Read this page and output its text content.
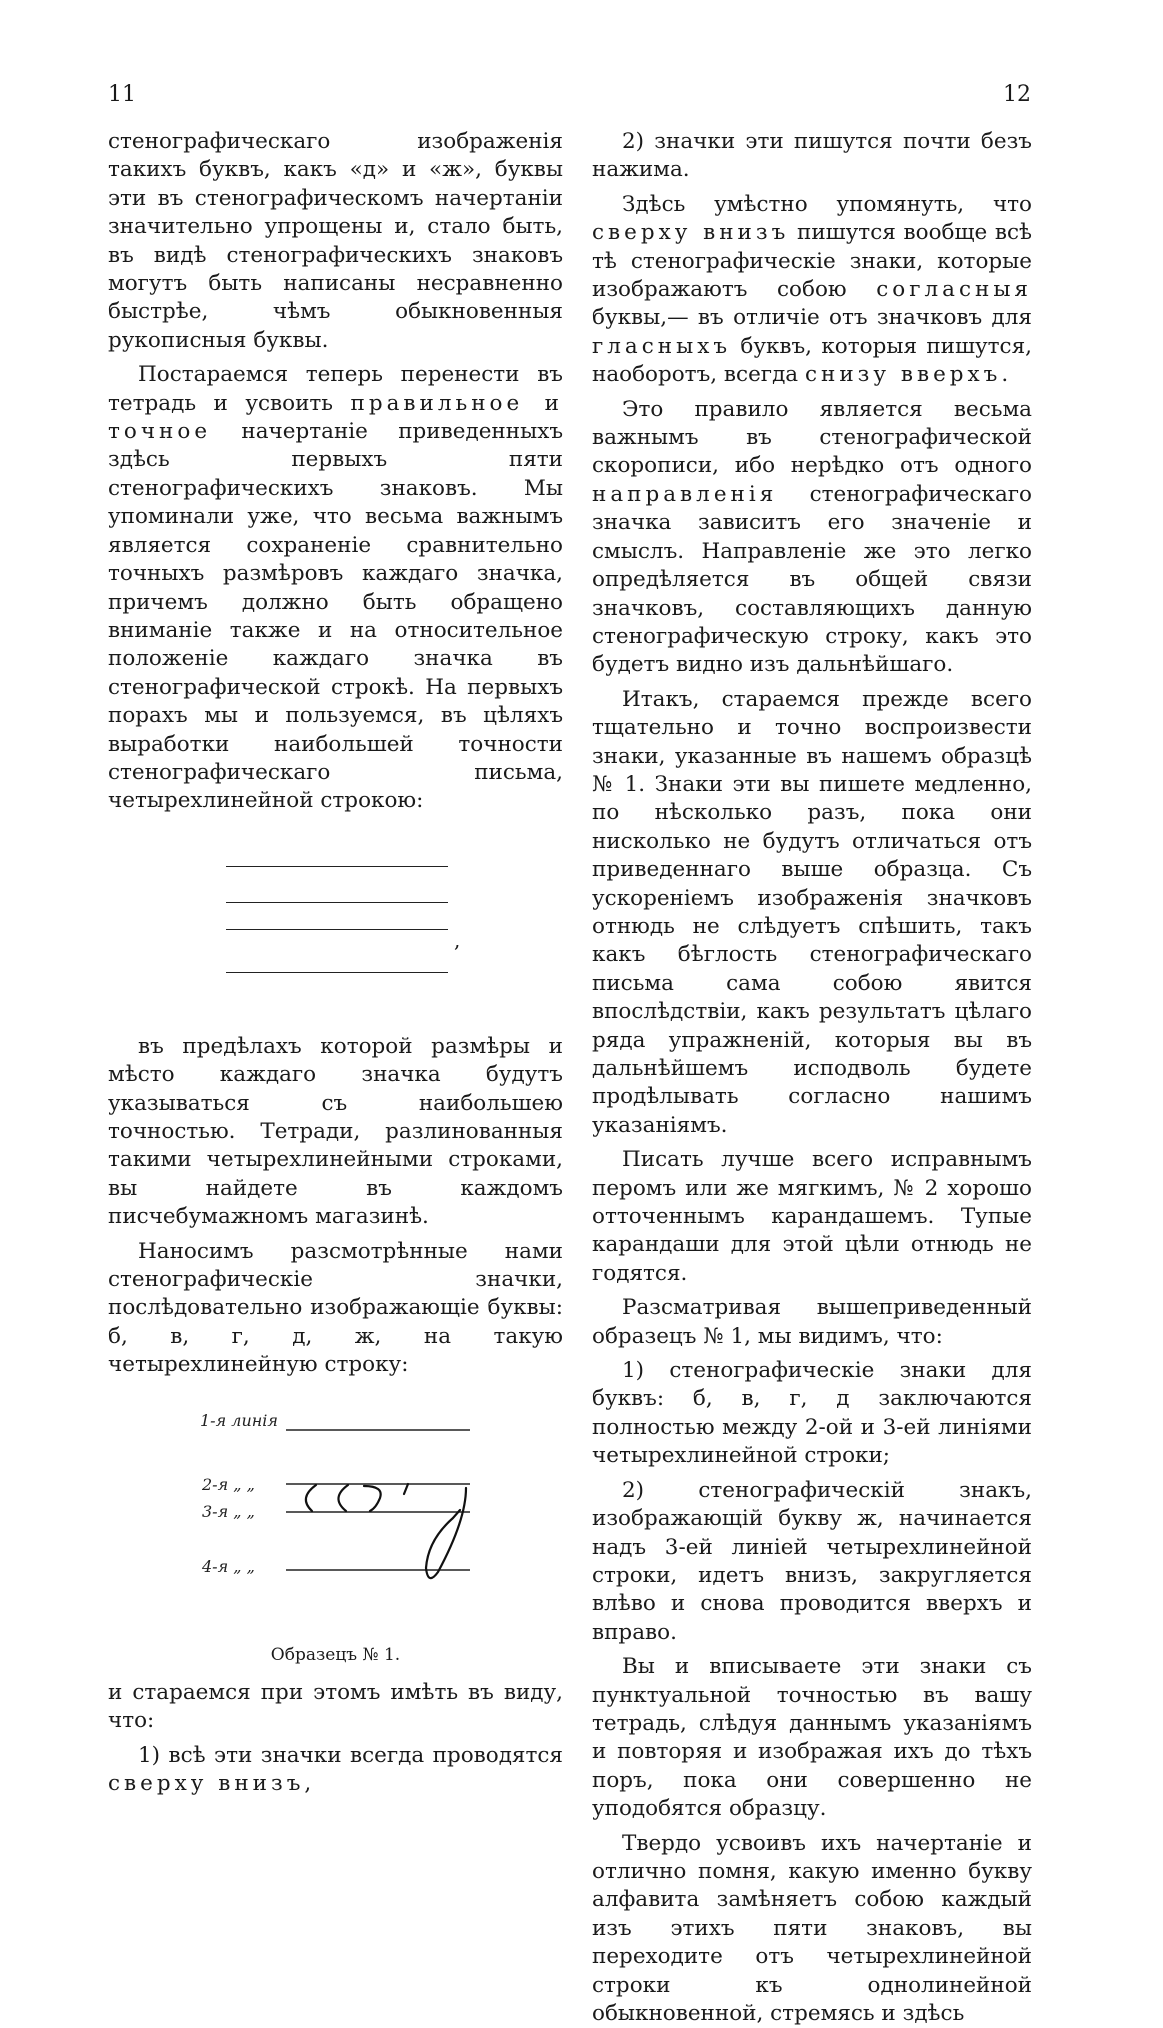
11	12

стенографическаго изображенія такихъ буквъ, какъ «д» и «ж», буквы эти въ стенографическомъ начертаніи значительно упрощены и, стало быть, въ видѣ стенографическихъ знаковъ могутъ быть написаны несравненно быстрѣе, чѣмъ обыкновенныя рукописныя буквы.

Постараемся теперь перенести въ тетрадь и усвоить правильное и точное начертаніе приведенныхъ здѣсь первыхъ пяти стенографическихъ знаковъ. Мы упоминали уже, что весьма важнымъ является сохраненіе сравнительно точныхъ размѣровъ каждаго значка, причемъ должно быть обращено вниманіе также и на относительное положеніе каждаго значка въ стенографической строкѣ. На первыхъ порахъ мы и пользуемся, въ цѣляхъ выработки наибольшей точности стенографическаго письма, четырехлинейной строкою:

,

въ предѣлахъ которой размѣры и мѣсто каждаго значка будутъ указываться съ наибольшею точностью. Тетради, разлинованныя такими четырехлинейными строками, вы найдете въ каждомъ писчебумажномъ магазинѣ.

Наносимъ разсмотрѣнные нами стенографическіе значки, послѣдовательно изображающіе буквы: б, в, г, д, ж, на такую четырехлинейную строку:

1-я линія
2-я „ „
3-я „ „
4-я „ „
Образецъ № 1.

и стараемся при этомъ имѣть въ виду, что:

1) всѣ эти значки всегда проводятся сверху внизъ,

2) значки эти пишутся почти безъ нажима.

Здѣсь умѣстно упомянуть, что сверху внизъ пишутся вообще всѣ тѣ стенографическіе знаки, которые изображаютъ собою согласныя буквы,— въ отличіе отъ значковъ для гласныхъ буквъ, которыя пишутся, наоборотъ, всегда снизу вверхъ.

Это правило является весьма важнымъ въ стенографической скорописи, ибо нерѣдко отъ одного направленія стенографическаго значка зависитъ его значеніе и смыслъ. Направленіе же это легко опредѣляется въ общей связи значковъ, составляющихъ данную стенографическую строку, какъ это будетъ видно изъ дальнѣйшаго.

Итакъ, стараемся прежде всего тщательно и точно воспроизвести знаки, указанные въ нашемъ образцѣ № 1. Знаки эти вы пишете медленно, по нѣсколько разъ, пока они нисколько не будутъ отличаться отъ приведеннаго выше образца. Съ ускореніемъ изображенія значковъ отнюдь не слѣдуетъ спѣшить, такъ какъ бѣглость стенографическаго письма сама собою явится впослѣдствіи, какъ результатъ цѣлаго ряда упражненій, которыя вы въ дальнѣйшемъ исподволь будете продѣлывать согласно нашимъ указаніямъ.

Писать лучше всего исправнымъ перомъ или же мягкимъ, № 2 хорошо отточеннымъ карандашемъ. Тупые карандаши для этой цѣли отнюдь не годятся.

Разсматривая вышеприведенный образецъ № 1, мы видимъ, что:

1) стенографическіе знаки для буквъ: б, в, г, д заключаются полностью между 2-ой и 3-ей линіями четырехлинейной строки;

2) стенографическій знакъ, изображающій букву ж, начинается надъ 3-ей линіей четырехлинейной строки, идетъ внизъ, закругляется влѣво и снова проводится вверхъ и вправо.

Вы и вписываете эти знаки съ пунктуальной точностью въ вашу тетрадь, слѣдуя даннымъ указаніямъ и повторяя и изображая ихъ до тѣхъ поръ, пока они совершенно не уподобятся образцу.

Твердо усвоивъ ихъ начертаніе и отлично помня, какую именно букву алфавита замѣняетъ собою каждый изъ этихъ пяти знаковъ, вы переходите отъ четырехлинейной строки къ однолинейной обыкновенной, стремясь и здѣсь
